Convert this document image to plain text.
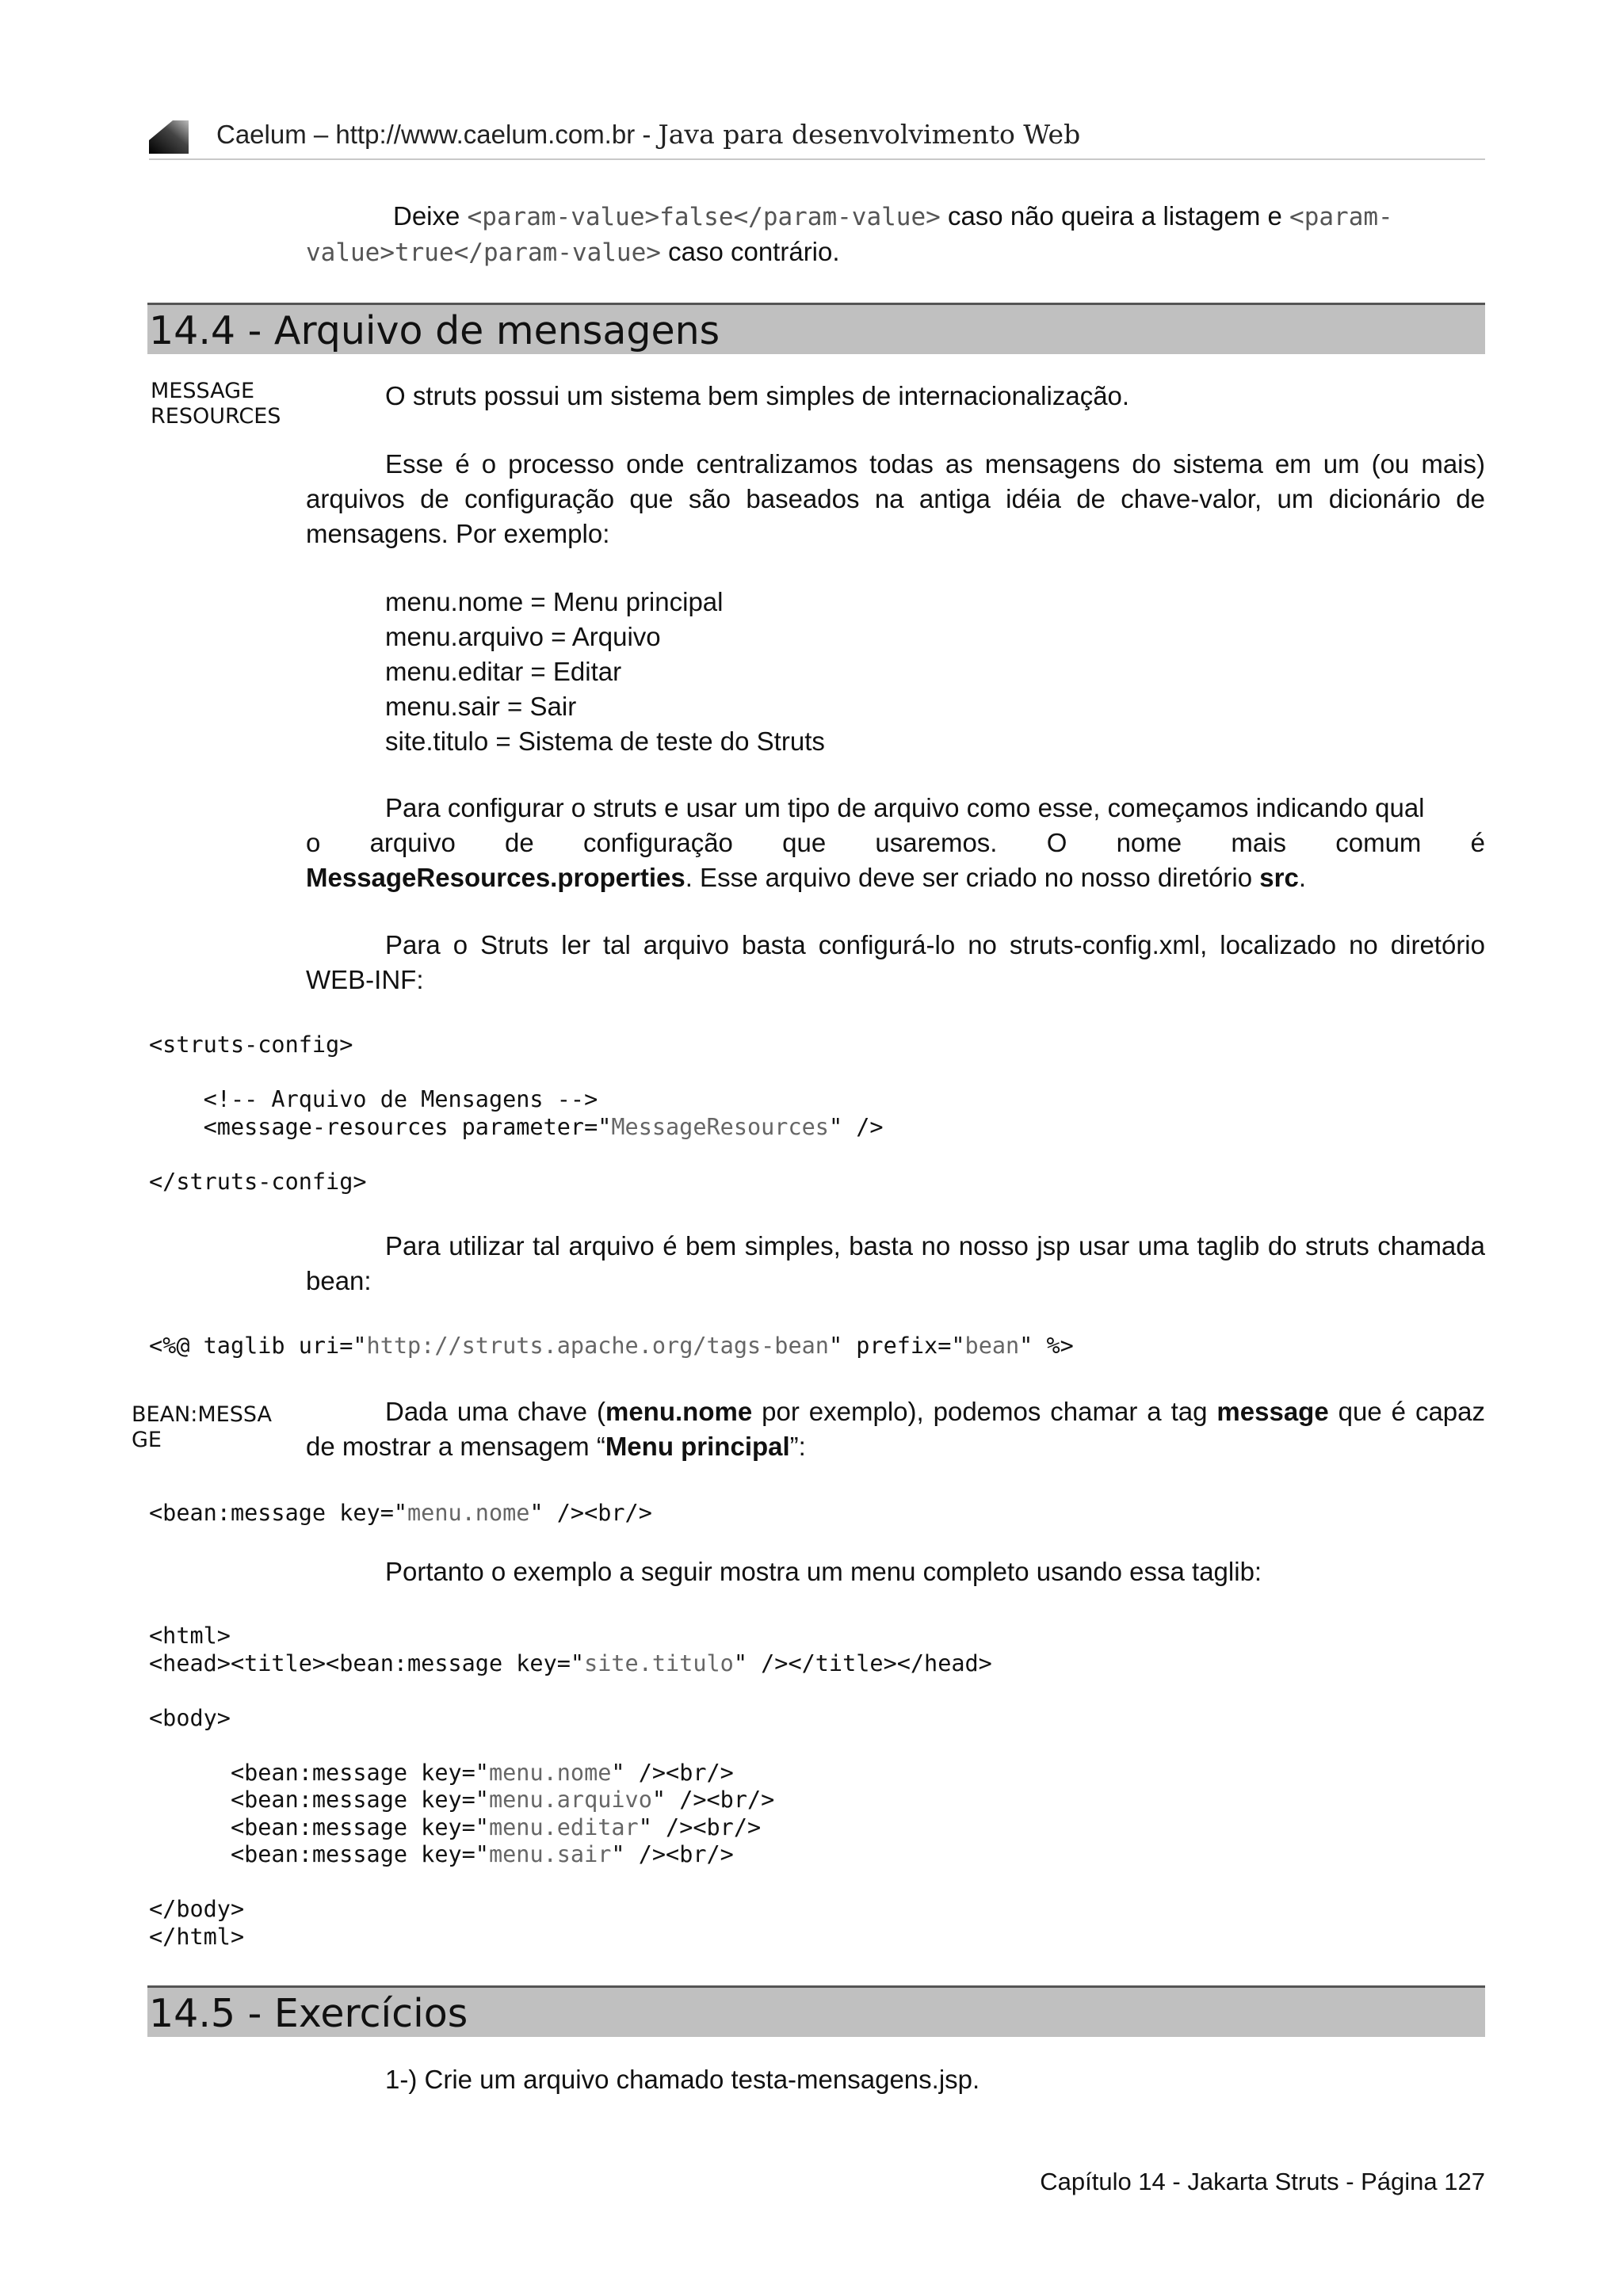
Caelum – http://www.caelum.com.br - Java para desenvolvimento Web
Deixe <param-value>false</param-value> caso não queira a listagem e <param-
value>true</param-value> caso contrário.
14.4 - Arquivo de mensagens
MESSAGE
RESOURCES
O struts possui um sistema bem simples de internacionalização.
Esse é o processo onde centralizamos todas as mensagens do sistema em um (ou mais) arquivos de configuração que são baseados na antiga idéia de chave-valor, um dicionário de mensagens. Por exemplo:
menu.nome = Menu principal
menu.arquivo = Arquivo
menu.editar = Editar
menu.sair = Sair
site.titulo = Sistema de teste do Struts
Para configurar o struts e usar um tipo de arquivo como esse, começamos indicando qual
o arquivo de configuração que usaremos. O nome mais comum é
MessageResources.properties. Esse arquivo deve ser criado no nosso diretório src.
Para o Struts ler tal arquivo basta configurá-lo no struts-config.xml, localizado no diretório WEB-INF:
<struts-config>

<!-- Arquivo de Mensagens -->
<message-resources parameter="MessageResources" />

</struts-config>
Para utilizar tal arquivo é bem simples, basta no nosso jsp usar uma taglib do struts chamada bean:
<%@ taglib uri="http://struts.apache.org/tags-bean" prefix="bean" %>
BEAN:MESSA
GE
Dada uma chave (menu.nome por exemplo), podemos chamar a tag message que é capaz de mostrar a mensagem “Menu principal”:
<bean:message key="menu.nome" /><br/>
Portanto o exemplo a seguir mostra um menu completo usando essa taglib:
<html>
<head><title><bean:message key="site.titulo" /></title></head>

<body>

<bean:message key="menu.nome" /><br/>
<bean:message key="menu.arquivo" /><br/>
<bean:message key="menu.editar" /><br/>
<bean:message key="menu.sair" /><br/>

</body>
</html>
14.5 - Exercícios
1-) Crie um arquivo chamado testa-mensagens.jsp.
Capítulo 14 - Jakarta Struts - Página 127
